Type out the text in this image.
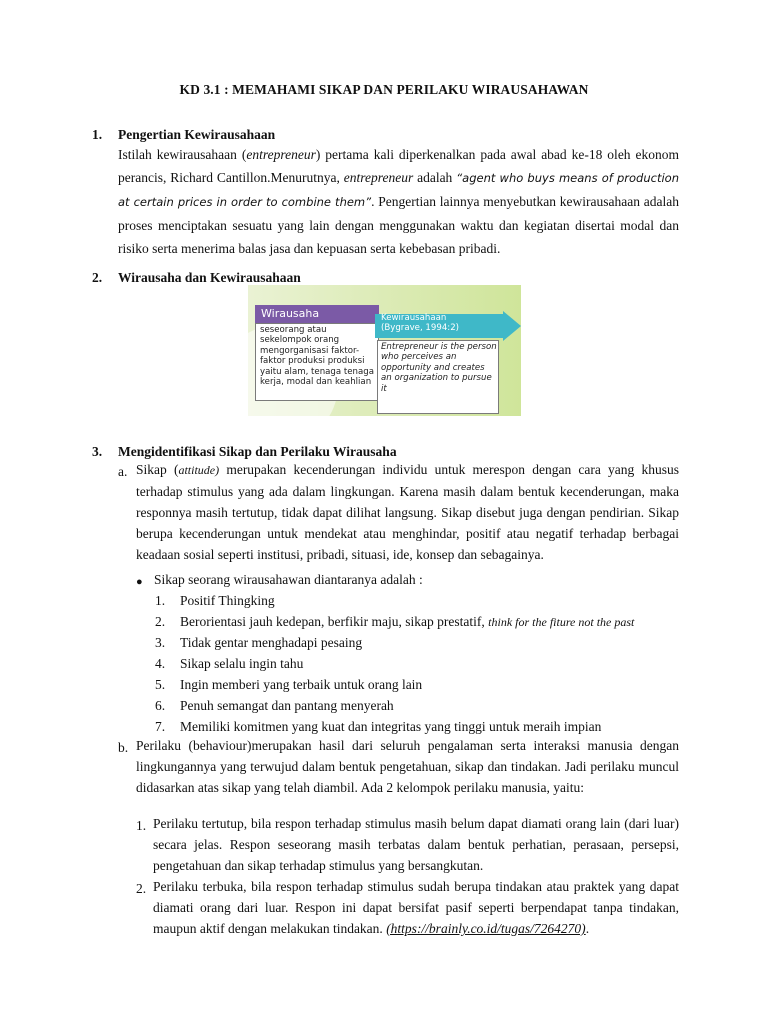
KD 3.1 : MEMAHAMI SIKAP DAN PERILAKU WIRAUSAHAWAN

1. Pengertian Kewirausahaan

Istilah kewirausahaan (entrepreneur) pertama kali diperkenalkan pada awal abad ke-18 oleh ekonom perancis, Richard Cantillon.Menurutnya, entrepreneur adalah “agent who buys means of production at certain prices in order to combine them”. Pengertian lainnya menyebutkan kewirausahaan adalah proses menciptakan sesuatu yang lain dengan menggunakan waktu dan kegiatan disertai modal dan risiko serta menerima balas jasa dan kepuasan serta kebebasan pribadi.

2. Wirausaha dan Kewirausahaan
Wirausaha
seseorang atau sekelompok orang mengorganisasi faktor-faktor produksi produksi yaitu alam, tenaga tenaga kerja, modal dan keahlian
Kewirausahaan
(Bygrave, 1994:2)
Entrepreneur is the person who perceives an opportunity and creates an organization to pursue it
3. Mengidentifikasi Sikap dan Perilaku Wirausaha
a. Sikap (attitude) merupakan kecenderungan individu untuk merespon dengan cara yang khusus terhadap stimulus yang ada dalam lingkungan. Karena masih dalam bentuk kecenderungan, maka responnya masih tertutup, tidak dapat dilihat langsung. Sikap disebut juga dengan pendirian. Sikap berupa kecenderungan untuk mendekat atau menghindar, positif atau negatif terhadap berbagai keadaan sosial seperti institusi, pribadi, situasi, ide, konsep dan sebagainya.

● Sikap seorang wirausahawan diantaranya adalah :
1. Positif Thingking
2. Berorientasi jauh kedepan, berfikir maju, sikap prestatif, think for the fiture not the past
3. Tidak gentar menghadapi pesaing
4. Sikap selalu ingin tahu
5. Ingin memberi yang terbaik untuk orang lain
6. Penuh semangat dan pantang menyerah
7. Memiliki komitmen yang kuat dan integritas yang tinggi untuk meraih impian
b. Perilaku (behaviour)merupakan hasil dari seluruh pengalaman serta interaksi manusia dengan lingkungannya yang terwujud dalam bentuk pengetahuan, sikap dan tindakan. Jadi perilaku muncul didasarkan atas sikap yang telah diambil. Ada 2 kelompok perilaku manusia, yaitu:

1. Perilaku tertutup, bila respon terhadap stimulus masih belum dapat diamati orang lain (dari luar) secara jelas. Respon seseorang masih terbatas dalam bentuk perhatian, perasaan, persepsi, pengetahuan dan sikap terhadap stimulus yang bersangkutan.

2. Perilaku terbuka, bila respon terhadap stimulus sudah berupa tindakan atau praktek yang dapat diamati orang dari luar. Respon ini dapat bersifat pasif seperti berpendapat tanpa tindakan, maupun aktif dengan melakukan tindakan. (https://brainly.co.id/tugas/7264270).
